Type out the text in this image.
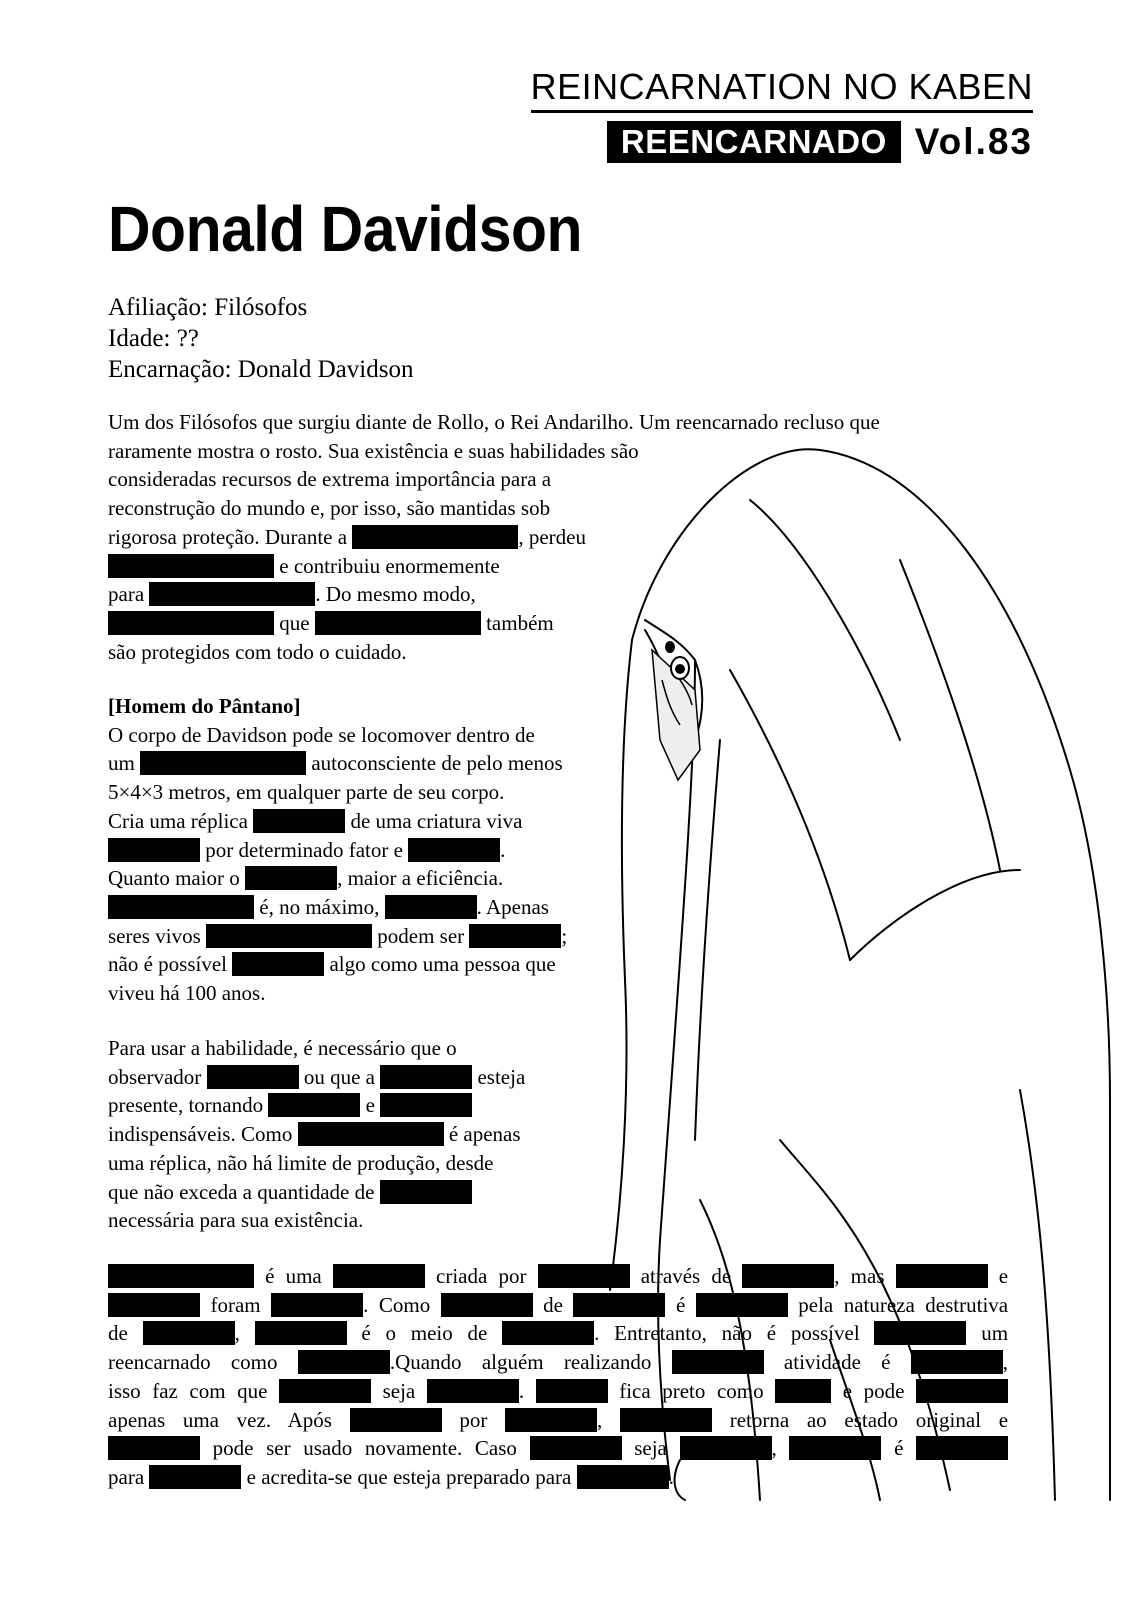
REINCARNATION NO KABEN
REENCARNADO Vol.83
Donald Davidson
Afiliação: Filósofos
Idade: ??
Encarnação: Donald Davidson
Um dos Filósofos que surgiu diante de Rollo, o Rei Andarilho. Um reencarnado recluso que
raramente mostra o rosto. Sua existência e suas habilidades são
consideradas recursos de extrema importância para a
reconstrução do mundo e, por isso, são mantidas sob
rigorosa proteção. Durante a	, perdeu
e contribuiu enormemente
para	. Do mesmo modo,
que	também
são protegidos com todo o cuidado.
[Homem do Pântano]
O corpo de Davidson pode se locomover dentro de
um	autoconsciente de pelo menos
5×4×3 metros, em qualquer parte de seu corpo.
Cria uma réplica	de uma criatura viva
por determinado fator e	.
Quanto maior o	, maior a eficiência.
é, no máximo,	. Apenas
seres vivos	podem ser	;
não é possível	algo como uma pessoa que
viveu há 100 anos.
Para usar a habilidade, é necessário que o
observador	ou que a	esteja
presente, tornando	e
indispensáveis. Como	é apenas
uma réplica, não há limite de produção, desde
que não exceda a quantidade de
necessária para sua existência.
é uma	criada por	através de	, mas	e
foram	. Como	de	é	pela natureza destrutiva
de	,	é o meio de	. Entretanto, não é possível	um
reencarnado como	.Quando alguém realizando	atividade é	,
isso faz com que	seja	.	fica preto como	e pode
apenas uma vez. Após	por	,	retorna ao estado original e
pode ser usado novamente. Caso	seja	,	é
para	e acredita-se que esteja preparado para	.
